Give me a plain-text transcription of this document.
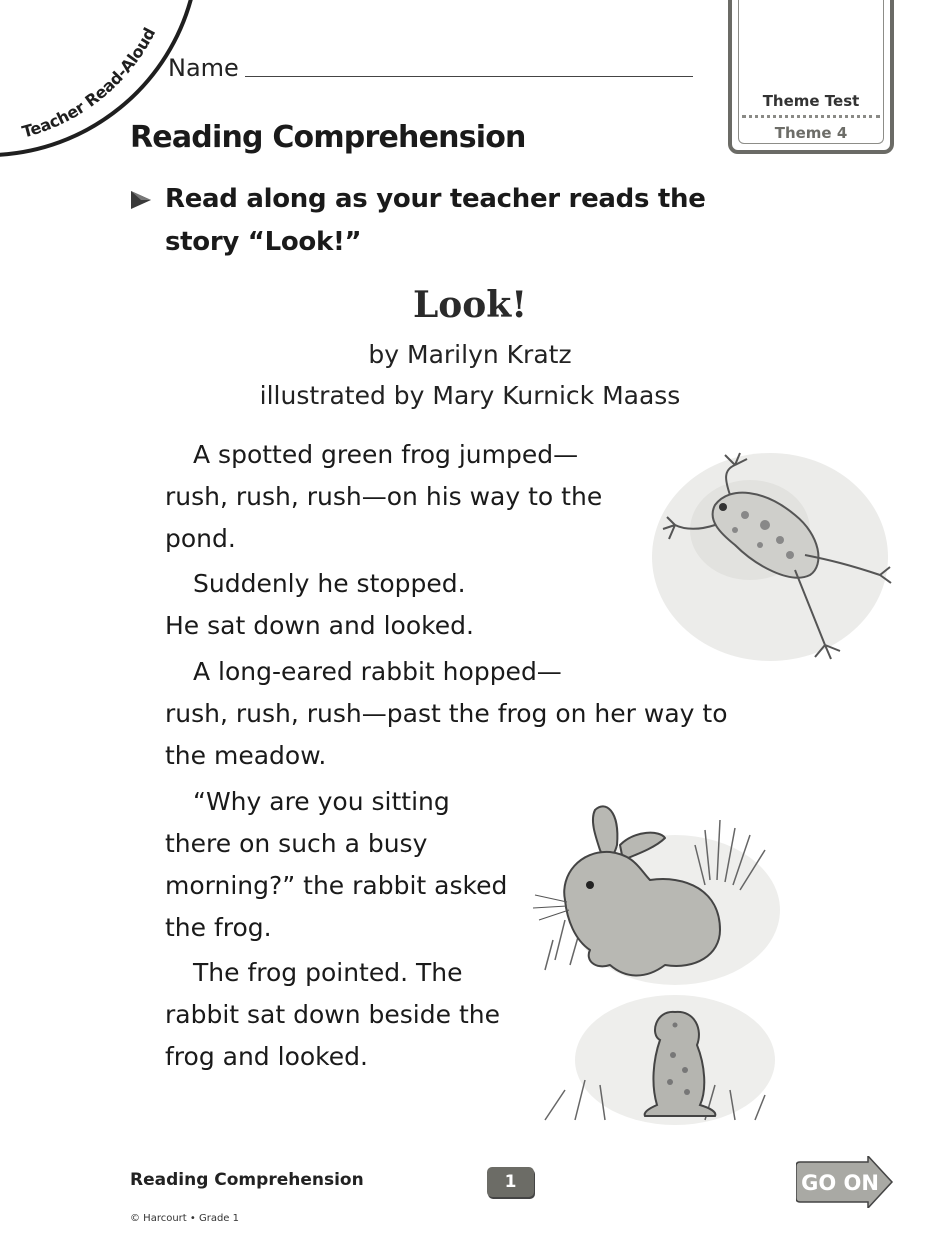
Teacher Read-Aloud
Name
Theme Test
Theme 4
Reading Comprehension
Read along as your teacher reads the
story “Look!”
Look!
by Marilyn Kratz
illustrated by Mary Kurnick Maass
A spotted green frog jumped—
rush, rush, rush—on his way to the
pond.
Suddenly he stopped.
He sat down and looked.
A long-eared rabbit hopped—
rush, rush, rush—past the frog on her way to
the meadow.
“Why are you sitting
there on such a busy
morning?” the rabbit asked
the frog.
The frog pointed. The
rabbit sat down beside the
frog and looked.
Reading Comprehension	1	GO ON
© Harcourt • Grade 1
